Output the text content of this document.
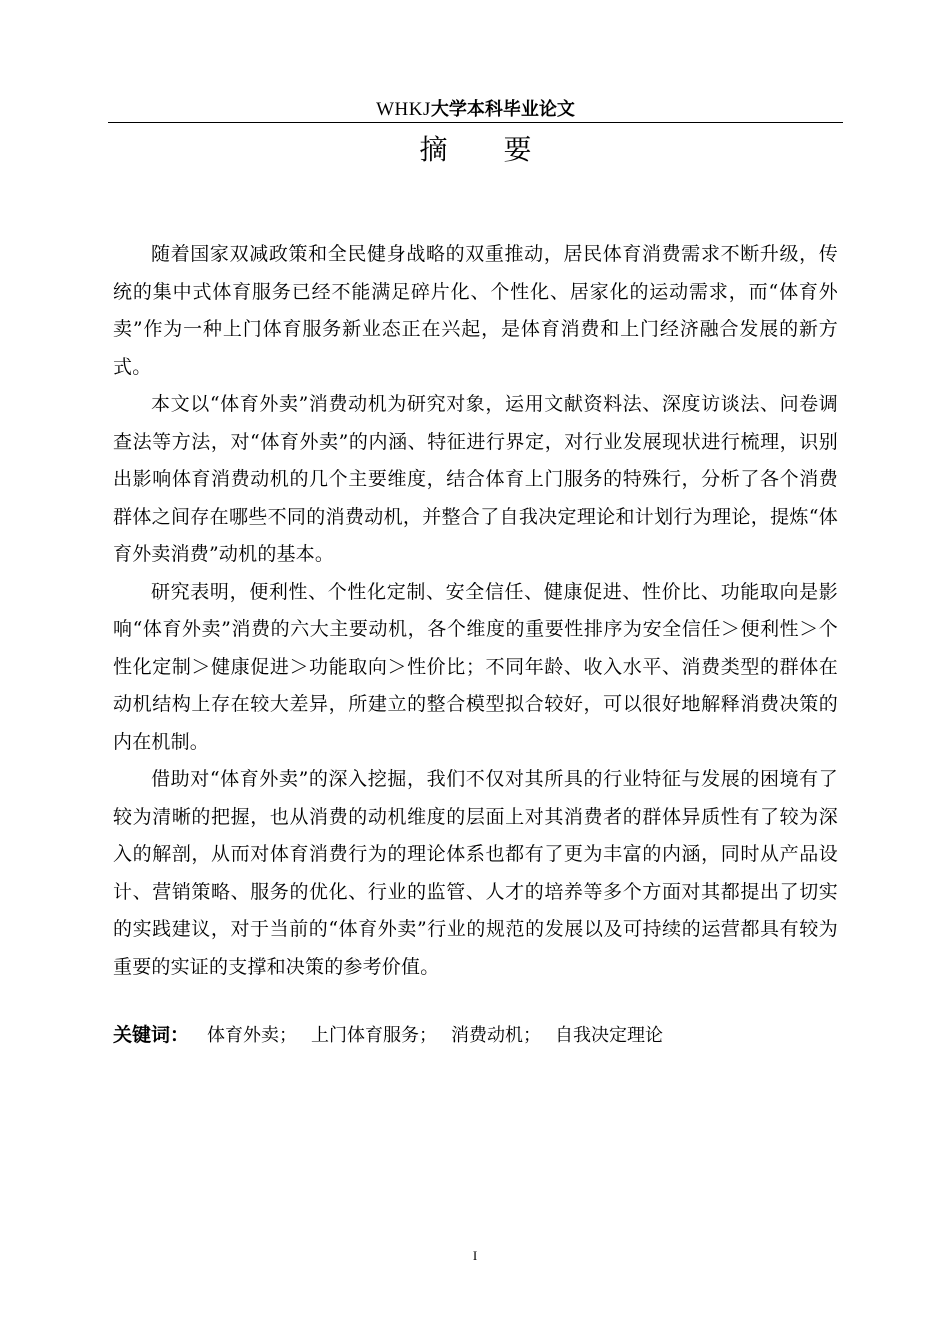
WHKJ大学本科毕业论文
摘　　要

随着国家双减政策和全民健身战略的双重推动，居民体育消费需求不断升级，传统的集中式体育服务已经不能满足碎片化、个性化、居家化的运动需求，而“体育外卖”作为一种上门体育服务新业态正在兴起，是体育消费和上门经济融合发展的新方式。

本文以“体育外卖”消费动机为研究对象，运用文献资料法、深度访谈法、问卷调查法等方法，对“体育外卖”的内涵、特征进行界定，对行业发展现状进行梳理，识别出影响体育消费动机的几个主要维度，结合体育上门服务的特殊行，分析了各个消费群体之间存在哪些不同的消费动机，并整合了自我决定理论和计划行为理论，提炼“体育外卖消费”动机的基本。

研究表明，便利性、个性化定制、安全信任、健康促进、性价比、功能取向是影响“体育外卖”消费的六大主要动机，各个维度的重要性排序为安全信任＞便利性＞个性化定制＞健康促进＞功能取向＞性价比；不同年龄、收入水平、消费类型的群体在动机结构上存在较大差异，所建立的整合模型拟合较好，可以很好地解释消费决策的内在机制。

借助对“体育外卖”的深入挖掘，我们不仅对其所具的行业特征与发展的困境有了较为清晰的把握，也从消费的动机维度的层面上对其消费者的群体异质性有了较为深入的解剖，从而对体育消费行为的理论体系也都有了更为丰富的内涵，同时从产品设计、营销策略、服务的优化、行业的监管、人才的培养等多个方面对其都提出了切实的实践建议，对于当前的“体育外卖”行业的规范的发展以及可持续的运营都具有较为重要的实证的支撑和决策的参考价值。

关键词： 体育外卖； 上门体育服务； 消费动机； 自我决定理论
I
